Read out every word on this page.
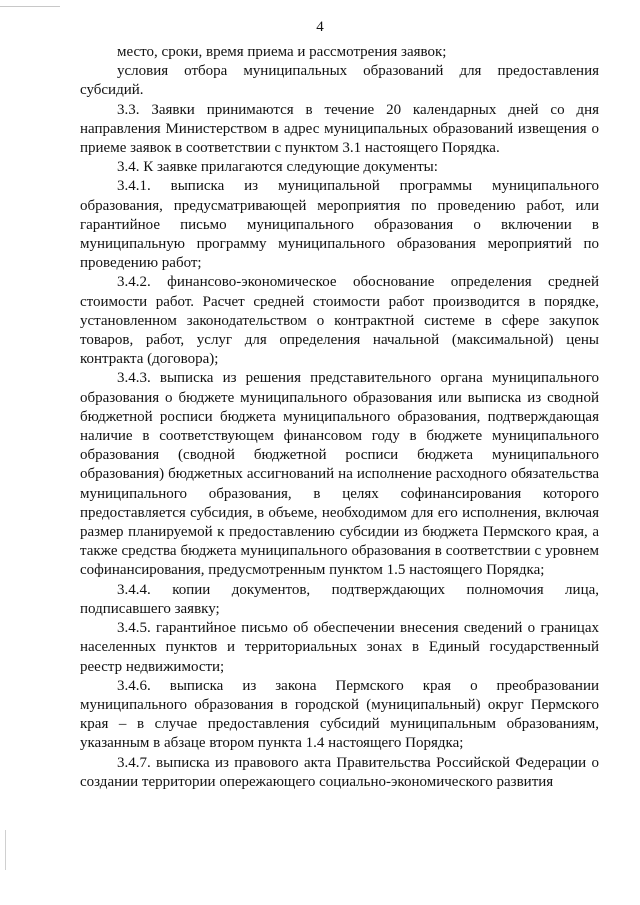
4

место, сроки, время приема и рассмотрения заявок;

условия отбора муниципальных образований для предоставления субсидий.

3.3. Заявки принимаются в течение 20 календарных дней со дня направления Министерством в адрес муниципальных образований извещения о приеме заявок в соответствии с пунктом 3.1 настоящего Порядка.

3.4. К заявке прилагаются следующие документы:

3.4.1. выписка из муниципальной программы муниципального образования, предусматривающей мероприятия по проведению работ, или гарантийное письмо муниципального образования о включении в муниципальную программу муниципального образования мероприятий по проведению работ;

3.4.2. финансово-экономическое обоснование определения средней стоимости работ. Расчет средней стоимости работ производится в порядке, установленном законодательством о контрактной системе в сфере закупок товаров, работ, услуг для определения начальной (максимальной) цены контракта (договора);

3.4.3. выписка из решения представительного органа муниципального образования о бюджете муниципального образования или выписка из сводной бюджетной росписи бюджета муниципального образования, подтверждающая наличие в соответствующем финансовом году в бюджете муниципального образования (сводной бюджетной росписи бюджета муниципального образования) бюджетных ассигнований на исполнение расходного обязательства муниципального образования, в целях софинансирования которого предоставляется субсидия, в объеме, необходимом для его исполнения, включая размер планируемой к предоставлению субсидии из бюджета Пермского края, а также средства бюджета муниципального образования в соответствии с уровнем софинансирования, предусмотренным пунктом 1.5 настоящего Порядка;

3.4.4. копии документов, подтверждающих полномочия лица, подписавшего заявку;

3.4.5. гарантийное письмо об обеспечении внесения сведений о границах населенных пунктов и территориальных зонах в Единый государственный реестр недвижимости;

3.4.6. выписка из закона Пермского края о преобразовании муниципального образования в городской (муниципальный) округ Пермского края – в случае предоставления субсидий муниципальным образованиям, указанным в абзаце втором пункта 1.4 настоящего Порядка;

3.4.7. выписка из правового акта Правительства Российской Федерации о создании территории опережающего социально-экономического развития
